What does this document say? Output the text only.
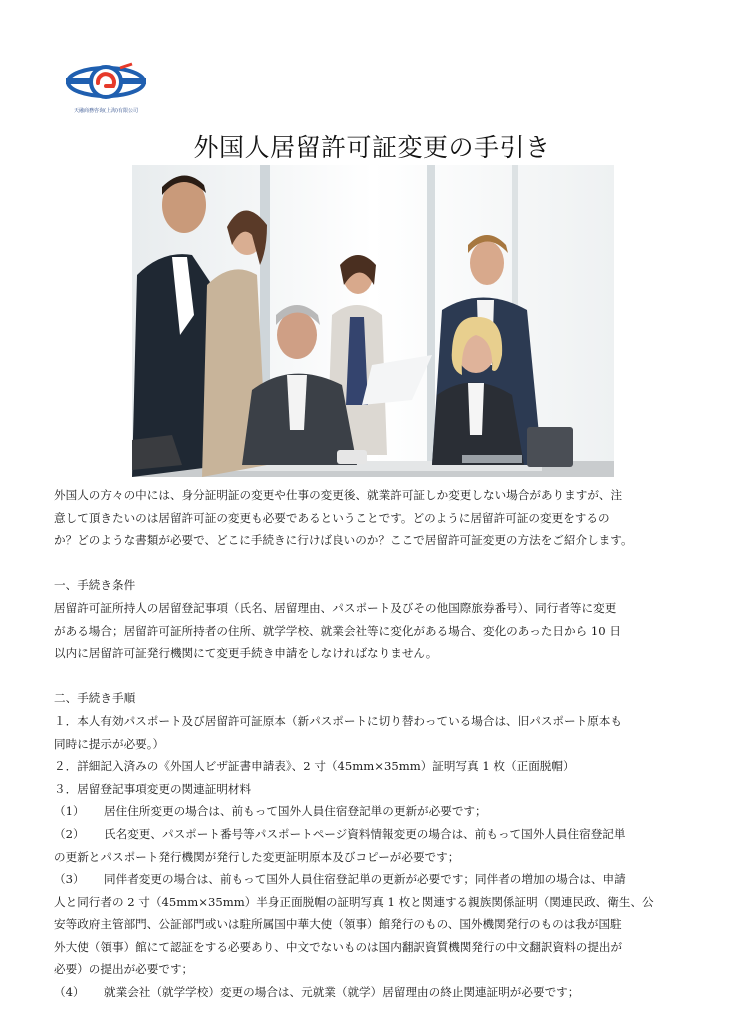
天融商務咨询(上海)有限公司
外国人居留許可証変更の手引き
外国人の方々の中には、身分証明証の変更や仕事の変更後、就業許可証しか変更しない場合がありますが、注
意して頂きたいのは居留許可証の変更も必要であるということです。どのように居留許可証の変更をするの
か？どのような書類が必要で、どこに手続きに行けば良いのか？ここで居留許可証変更の方法をご紹介します。
一、手続き条件
居留許可証所持人の居留登記事項（氏名、居留理由、パスポート及びその他国際旅券番号）、同行者等に変更
がある場合；居留許可証所持者の住所、就学学校、就業会社等に変化がある場合、変化のあった日から 10 日
以内に居留許可証発行機関にて変更手続き申請をしなければなりません。
二、手続き手順
１．本人有効パスポート及び居留許可証原本（新パスポートに切り替わっている場合は、旧パスポート原本も
同時に提示が必要。）
２．詳細記入済みの《外国人ビザ証書申請表》、2 寸（45mm×35mm）証明写真 1 枚（正面脱帽）
３．居留登記事項変更の関連証明材料
（1） 居住住所変更の場合は、前もって国外人員住宿登記単の更新が必要です；
（2） 氏名変更、パスポート番号等パスポートページ資料情報変更の場合は、前もって国外人員住宿登記単
の更新とパスポート発行機関が発行した変更証明原本及びコピーが必要です；
（3） 同伴者変更の場合は、前もって国外人員住宿登記単の更新が必要です；同伴者の増加の場合は、申請
人と同行者の 2 寸（45mm×35mm）半身正面脱帽の証明写真 1 枚と関連する親族関係証明（関連民政、衛生、公
安等政府主管部門、公証部門或いは駐所属国中華大使（領事）館発行のもの、国外機関発行のものは我が国駐
外大使（領事）館にて認証をする必要あり、中文でないものは国内翻訳資質機関発行の中文翻訳資料の提出が
必要）の提出が必要です；
（4） 就業会社（就学学校）変更の場合は、元就業（就学）居留理由の終止関連証明が必要です；
